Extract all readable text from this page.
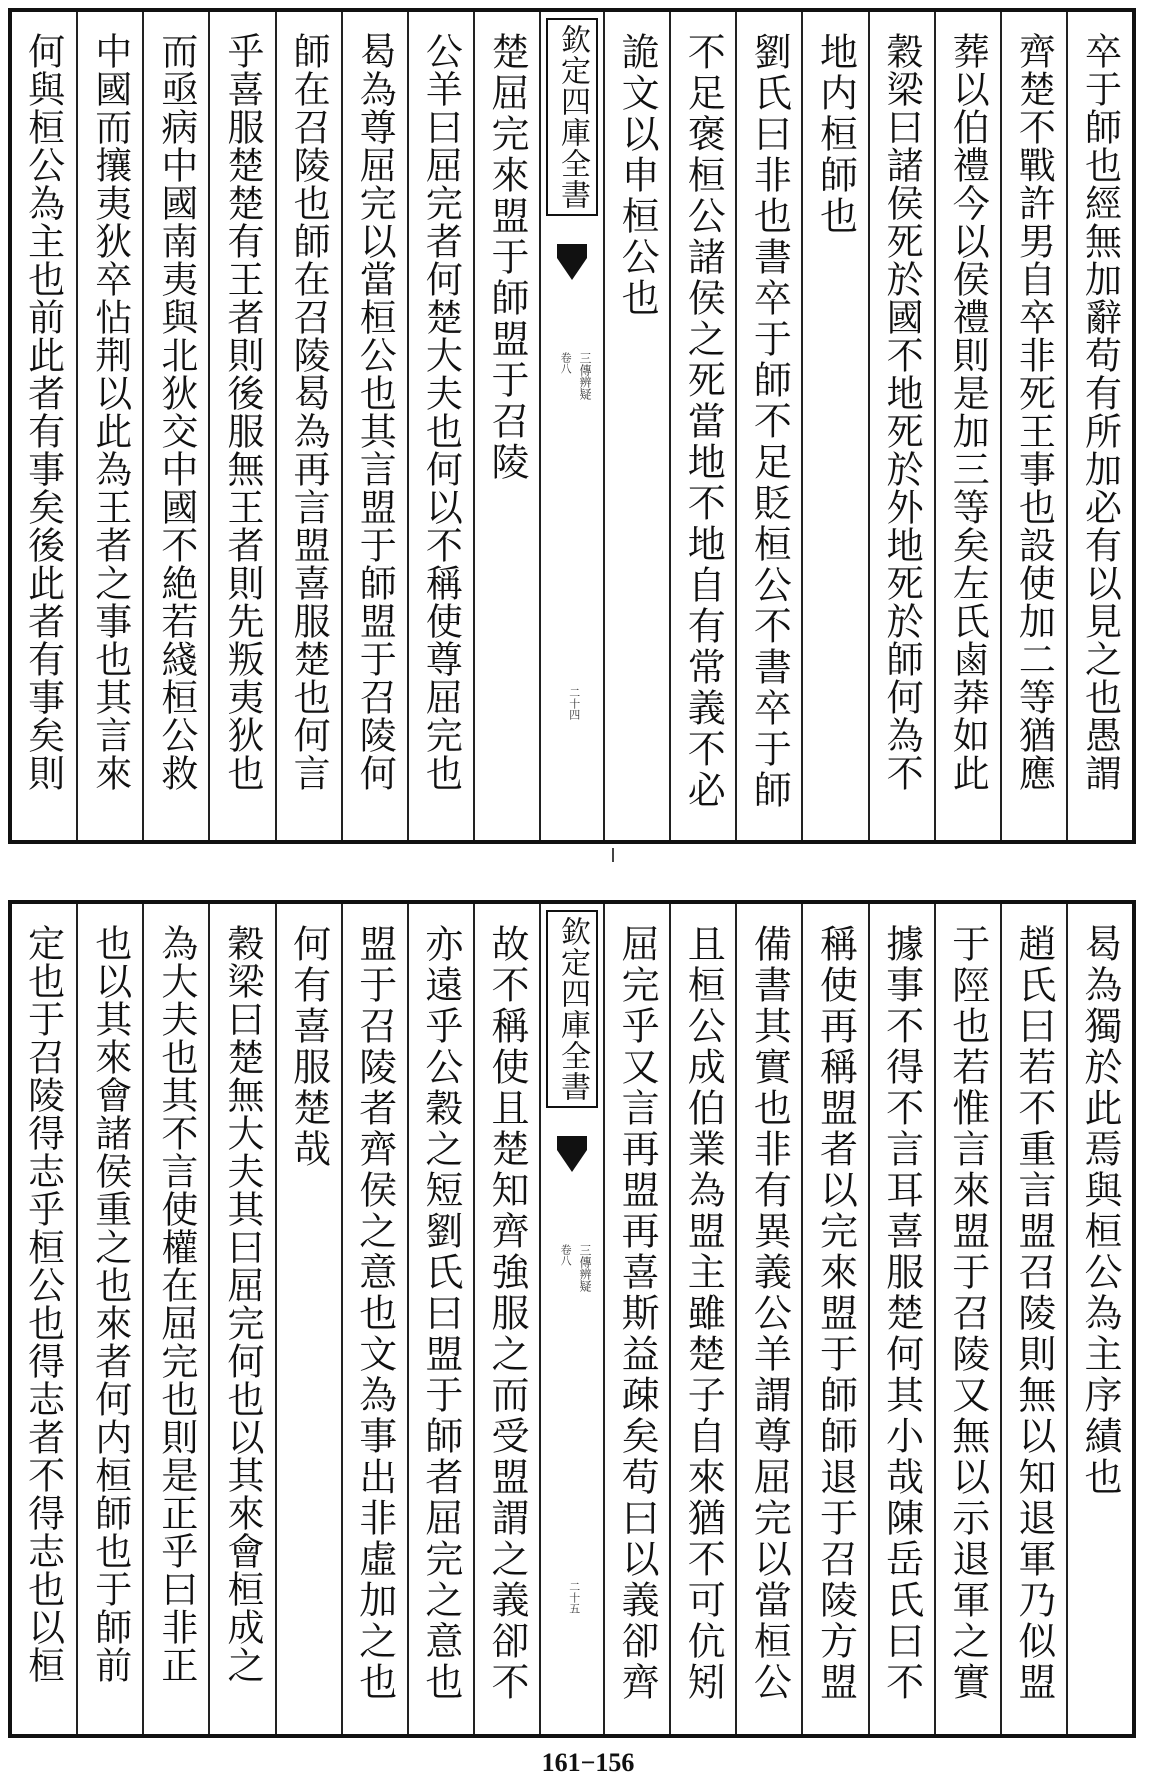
卒于師也經無加辭苟有所加必有以見之也愚謂
齊楚不戰許男自卒非死王事也設使加二等猶應
葬以伯禮今以侯禮則是加三等矣左氏鹵莽如此
穀梁曰諸侯死於國不地死於外地死於師何為不
地内桓師也
劉氏曰非也書卒于師不足貶桓公不書卒于師
不足褒桓公諸侯之死當地不地自有常義不必
詭文以申桓公也
欽定四庫全書
三傳辨疑
卷八
二十四
楚屈完來盟于師盟于召陵
公羊曰屈完者何楚大夫也何以不稱使尊屈完也
曷為尊屈完以當桓公也其言盟于師盟于召陵何
師在召陵也師在召陵曷為再言盟喜服楚也何言
乎喜服楚楚有王者則後服無王者則先叛夷狄也
而亟病中國南夷與北狄交中國不絶若綫桓公救
中國而攘夷狄卒怗荆以此為王者之事也其言來
何與桓公為主也前此者有事矣後此者有事矣則
曷為獨於此焉與桓公為主序績也
趙氏曰若不重言盟召陵則無以知退軍乃似盟
于陘也若惟言來盟于召陵又無以示退軍之實
據事不得不言耳喜服楚何其小哉陳岳氏曰不
稱使再稱盟者以完來盟于師師退于召陵方盟
備書其實也非有異義公羊謂尊屈完以當桓公
且桓公成伯業為盟主雖楚子自來猶不可伉矧
屈完乎又言再盟再喜斯益疎矣苟曰以義卻齊
欽定四庫全書
三傳辨疑
卷八
二十五
故不稱使且楚知齊強服之而受盟謂之義卻不
亦遠乎公穀之短劉氏曰盟于師者屈完之意也
盟于召陵者齊侯之意也文為事出非虛加之也
何有喜服楚哉
穀梁曰楚無大夫其曰屈完何也以其來會桓成之
為大夫也其不言使權在屈完也則是正乎曰非正
也以其來會諸侯重之也來者何内桓師也于師前
定也于召陵得志乎桓公也得志者不得志也以桓
161−156
